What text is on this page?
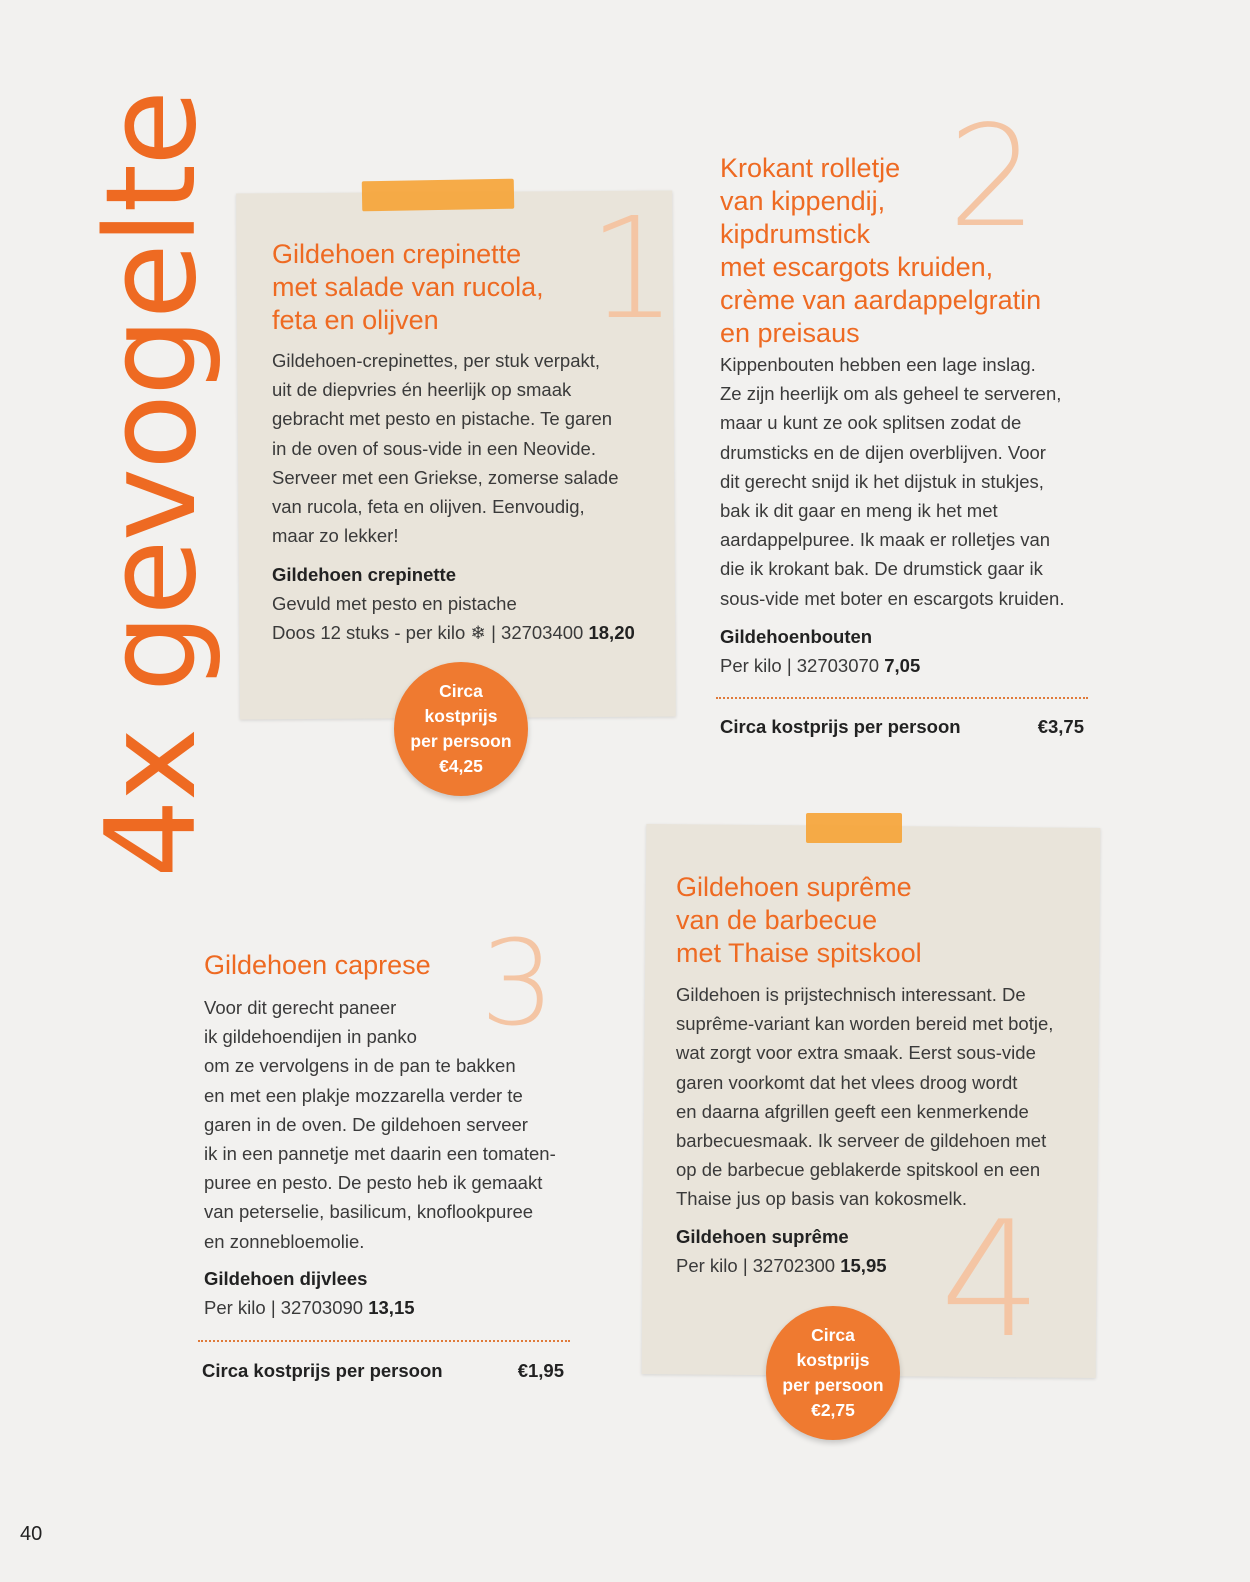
4x gevogelte	1
Gildehoen crepinette
met salade van rucola,
feta en olijven

Gildehoen-crepinettes, per stuk verpakt,
uit de diepvries én heerlijk op smaak
gebracht met pesto en pistache. Te garen
in de oven of sous-vide in een Neovide.
Serveer met een Griekse, zomerse salade
van rucola, feta en olijven. Eenvoudig,
maar zo lekker!

Gildehoen crepinette
Gevuld met pesto en pistache
Doos 12 stuks - per kilo ❄ | 32703400 18,20
Circa
kostprijs
per persoon
€4,25
2
Krokant rolletje
van kippendij,
kipdrumstick
met escargots kruiden,
crème van aardappelgratin
en preisaus

Kippenbouten hebben een lage inslag.
Ze zijn heerlijk om als geheel te serveren,
maar u kunt ze ook splitsen zodat de
drumsticks en de dijen overblijven. Voor
dit gerecht snijd ik het dijstuk in stukjes,
bak ik dit gaar en meng ik het met
aardappelpuree. Ik maak er rolletjes van
die ik krokant bak. De drumstick gaar ik
sous-vide met boter en escargots kruiden.

Gildehoenbouten
Per kilo | 32703070 7,05
Circa kostprijs per persoon	€3,75
3
Gildehoen caprese

Voor dit gerecht paneer
ik gildehoendijen in panko
om ze vervolgens in de pan te bakken
en met een plakje mozzarella verder te
garen in de oven. De gildehoen serveer
ik in een pannetje met daarin een tomaten-
puree en pesto. De pesto heb ik gemaakt
van peterselie, basilicum, knoflookpuree
en zonnebloemolie.

Gildehoen dijvlees
Per kilo | 32703090 13,15
Circa kostprijs per persoon	€1,95 4
Gildehoen suprême
van de barbecue
met Thaise spitskool

Gildehoen is prijstechnisch interessant. De
suprême-variant kan worden bereid met botje,
wat zorgt voor extra smaak. Eerst sous-vide
garen voorkomt dat het vlees droog wordt
en daarna afgrillen geeft een kenmerkende
barbecuesmaak. Ik serveer de gildehoen met
op de barbecue geblakerde spitskool en een
Thaise jus op basis van kokosmelk.

Gildehoen suprême
Per kilo | 32702300 15,95
Circa
kostprijs
per persoon
€2,75
40
